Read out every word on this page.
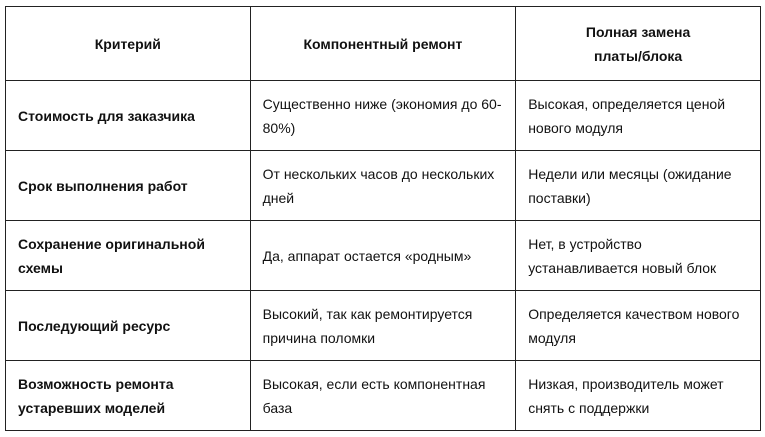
Критерий	Компонентный ремонт	Полная замена платы/блока
Стоимость для заказчика	Существенно ниже (экономия до 60-80%)	Высокая, определяется ценой нового модуля
Срок выполнения работ	От нескольких часов до нескольких дней	Недели или месяцы (ожидание поставки)
Сохранение оригинальной схемы	Да, аппарат остается «родным»	Нет, в устройство устанавливается новый блок
Последующий ресурс	Высокий, так как ремонтируется причина поломки	Определяется качеством нового модуля
Возможность ремонта устаревших моделей	Высокая, если есть компонентная база	Низкая, производитель может снять с поддержки
